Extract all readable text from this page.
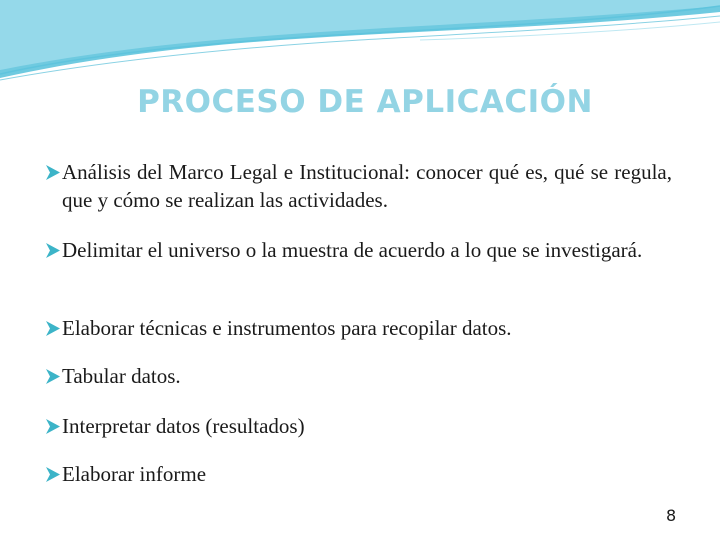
PROCESO DE APLICACIÓN
Análisis del Marco Legal e Institucional: conocer qué es, qué se regula, que y cómo se realizan las actividades.
Delimitar el universo o la muestra de acuerdo a lo que se investigará.
Elaborar técnicas e instrumentos para recopilar datos.
Tabular datos.
Interpretar datos (resultados)
Elaborar informe
8
